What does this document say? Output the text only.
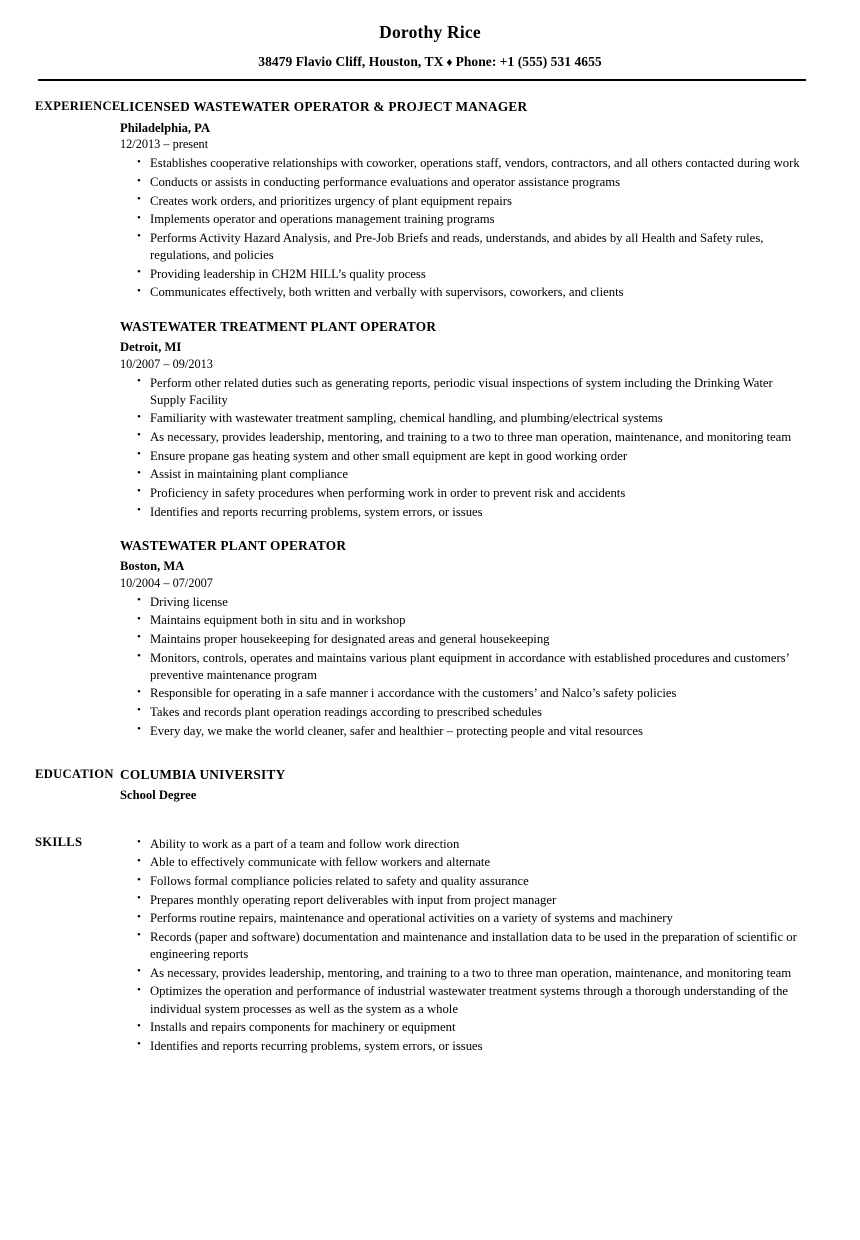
Dorothy Rice
38479 Flavio Cliff, Houston, TX ♦ Phone: +1 (555) 531 4655
EXPERIENCE LICENSED WASTEWATER OPERATOR & PROJECT MANAGER
Philadelphia, PA
12/2013 – present
• Establishes cooperative relationships with coworker, operations staff, vendors, contractors, and all others contacted during work
• Conducts or assists in conducting performance evaluations and operator assistance programs
• Creates work orders, and prioritizes urgency of plant equipment repairs
• Implements operator and operations management training programs
• Performs Activity Hazard Analysis, and Pre-Job Briefs and reads, understands, and abides by all Health and Safety rules, regulations, and policies
• Providing leadership in CH2M HILL’s quality process
• Communicates effectively, both written and verbally with supervisors, coworkers, and clients
WASTEWATER TREATMENT PLANT OPERATOR
Detroit, MI
10/2007 – 09/2013
• Perform other related duties such as generating reports, periodic visual inspections of system including the Drinking Water Supply Facility
• Familiarity with wastewater treatment sampling, chemical handling, and plumbing/electrical systems
• As necessary, provides leadership, mentoring, and training to a two to three man operation, maintenance, and monitoring team
• Ensure propane gas heating system and other small equipment are kept in good working order
• Assist in maintaining plant compliance
• Proficiency in safety procedures when performing work in order to prevent risk and accidents
• Identifies and reports recurring problems, system errors, or issues
WASTEWATER PLANT OPERATOR
Boston, MA
10/2004 – 07/2007
• Driving license
• Maintains equipment both in situ and in workshop
• Maintains proper housekeeping for designated areas and general housekeeping
• Monitors, controls, operates and maintains various plant equipment in accordance with established procedures and customers’ preventive maintenance program
• Responsible for operating in a safe manner i accordance with the customers’ and Nalco’s safety policies
• Takes and records plant operation readings according to prescribed schedules
• Every day, we make the world cleaner, safer and healthier – protecting people and vital resources
EDUCATION COLUMBIA UNIVERSITY
School Degree
SKILLS	• Ability to work as a part of a team and follow work direction
• Able to effectively communicate with fellow workers and alternate
• Follows formal compliance policies related to safety and quality assurance
• Prepares monthly operating report deliverables with input from project manager
• Performs routine repairs, maintenance and operational activities on a variety of systems and machinery
• Records (paper and software) documentation and maintenance and installation data to be used in the preparation of scientific or engineering reports
• As necessary, provides leadership, mentoring, and training to a two to three man operation, maintenance, and monitoring team
• Optimizes the operation and performance of industrial wastewater treatment systems through a thorough understanding of the individual system processes as well as the system as a whole
• Installs and repairs components for machinery or equipment
• Identifies and reports recurring problems, system errors, or issues
